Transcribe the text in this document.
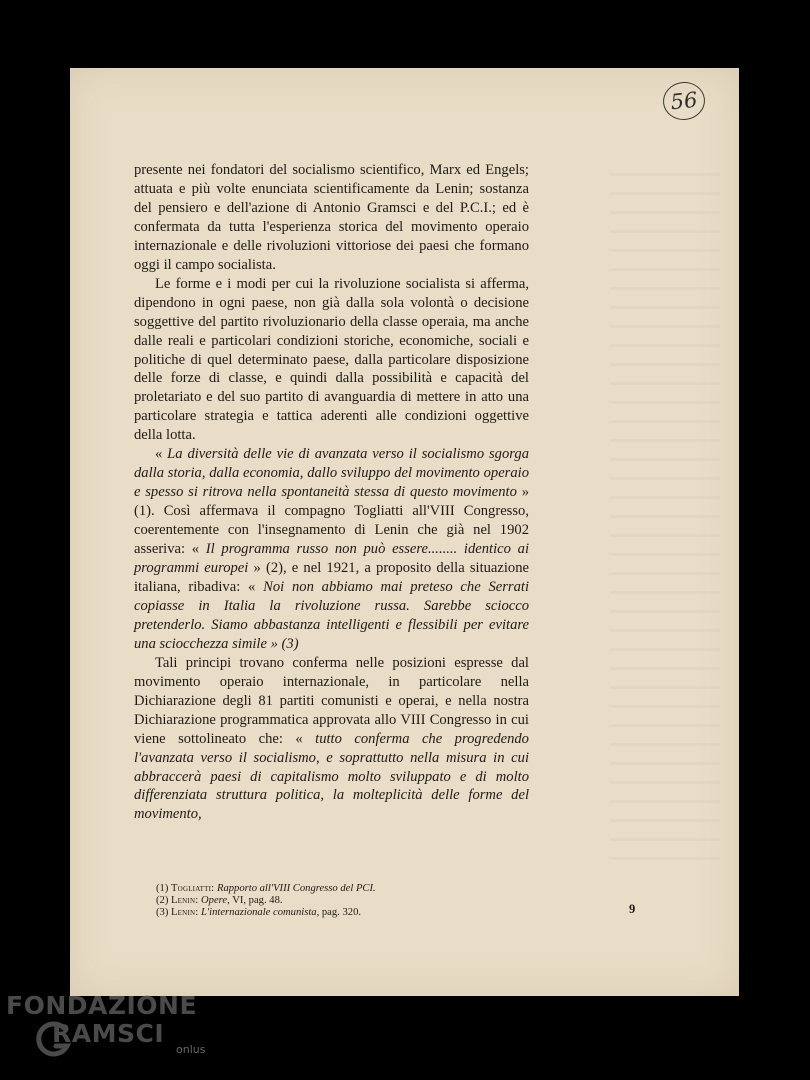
56

presente nei fondatori del socialismo scientifico, Marx ed Engels; attuata e più volte enunciata scientificamente da Lenin; sostanza del pensiero e dell'azione di Antonio Gramsci e del P.C.I.; ed è confermata da tutta l'esperienza storica del movimento operaio internazionale e delle rivoluzioni vittoriose dei paesi che formano oggi il campo socialista.

Le forme e i modi per cui la rivoluzione socialista si afferma, dipendono in ogni paese, non già dalla sola volontà o decisione soggettive del partito rivoluzionario della classe operaia, ma anche dalle reali e particolari condizioni storiche, economiche, sociali e politiche di quel determinato paese, dalla particolare disposizione delle forze di classe, e quindi dalla possibilità e capacità del proletariato e del suo partito di avanguardia di mettere in atto una particolare strategia e tattica aderenti alle condizioni oggettive della lotta.

« La diversità delle vie di avanzata verso il socialismo sgorga dalla storia, dalla economia, dallo sviluppo del movimento operaio e spesso si ritrova nella spontaneità stessa di questo movimento » (1). Così affermava il compagno Togliatti all'VIII Congresso, coerentemente con l'insegnamento di Lenin che già nel 1902 asseriva: « Il programma russo non può essere........ identico ai programmi europei » (2), e nel 1921, a proposito della situazione italiana, ribadiva: « Noi non abbiamo mai preteso che Serrati copiasse in Italia la rivoluzione russa. Sarebbe sciocco pretenderlo. Siamo abbastanza intelligenti e flessibili per evitare una sciocchezza simile » (3)

Tali principi trovano conferma nelle posizioni espresse dal movimento operaio internazionale, in particolare nella Dichiarazione degli 81 partiti comunisti e operai, e nella nostra Dichiarazione programmatica approvata allo VIII Congresso in cui viene sottolineato che: « tutto conferma che progredendo l'avanzata verso il socialismo, e soprattutto nella misura in cui abbraccerà paesi di capitalismo molto sviluppato e di molto differenziata struttura politica, la molteplicità delle forme del movimento,

(1) Togliatti: Rapporto all'VIII Congresso del PCI.
(2) Lenin: Opere, VI, pag. 48.
(3) Lenin: L'internazionale comunista, pag. 320.	9
FONDAZIONE
RAMSCI
onlus
